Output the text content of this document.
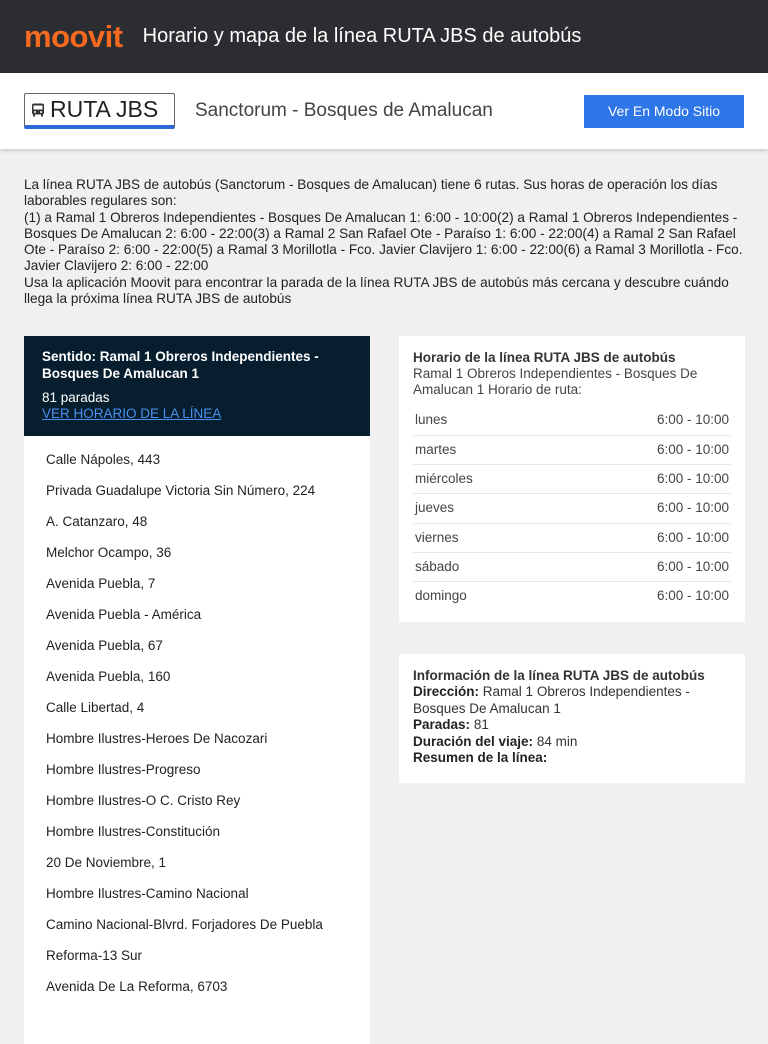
moovit Horario y mapa de la línea RUTA JBS de autobús
RUTA JBS Sanctorum - Bosques de Amalucan	Ver En Modo Sitio Web

La línea RUTA JBS de autobús (Sanctorum - Bosques de Amalucan) tiene 6 rutas. Sus horas de operación los días laborables regulares son:

(1) a Ramal 1 Obreros Independientes - Bosques De Amalucan 1: 6:00 - 10:00(2) a Ramal 1 Obreros Independientes - Bosques De Amalucan 2: 6:00 - 22:00(3) a Ramal 2 San Rafael Ote - Paraíso 1: 6:00 - 22:00(4) a Ramal 2 San Rafael Ote - Paraíso 2: 6:00 - 22:00(5) a Ramal 3 Morillotla - Fco. Javier Clavijero 1: 6:00 - 22:00(6) a Ramal 3 Morillotla - Fco. Javier Clavijero 2: 6:00 - 22:00

Usa la aplicación Moovit para encontrar la parada de la línea RUTA JBS de autobús más cercana y descubre cuándo llega la próxima línea RUTA JBS de autobús

Sentido: Ramal 1 Obreros Independientes - Bosques De Amalucan 1
81 paradas
VER HORARIO DE LA LÍNEA
Calle Nápoles, 443
Privada Guadalupe Victoria Sin Número, 224
A. Catanzaro, 48
Melchor Ocampo, 36
Avenida Puebla, 7
Avenida Puebla - América
Avenida Puebla, 67
Avenida Puebla, 160
Calle Libertad, 4
Hombre Ilustres-Heroes De Nacozari
Hombre Ilustres-Progreso
Hombre Ilustres-O C. Cristo Rey
Hombre Ilustres-Constitución
20 De Noviembre, 1
Hombre Ilustres-Camino Nacional
Camino Nacional-Blvrd. Forjadores De Puebla
Reforma-13 Sur
Avenida De La Reforma, 6703
Horario de la línea RUTA JBS de autobús
Ramal 1 Obreros Independientes - Bosques De Amalucan 1 Horario de ruta:
lunes	6:00 - 10:00
martes	6:00 - 10:00
miércoles	6:00 - 10:00
jueves	6:00 - 10:00
viernes	6:00 - 10:00
sábado	6:00 - 10:00
domingo	6:00 - 10:00
Información de la línea RUTA JBS de autobús
Dirección: Ramal 1 Obreros Independientes - Bosques De Amalucan 1
Paradas: 81
Duración del viaje: 84 min
Resumen de la línea:
